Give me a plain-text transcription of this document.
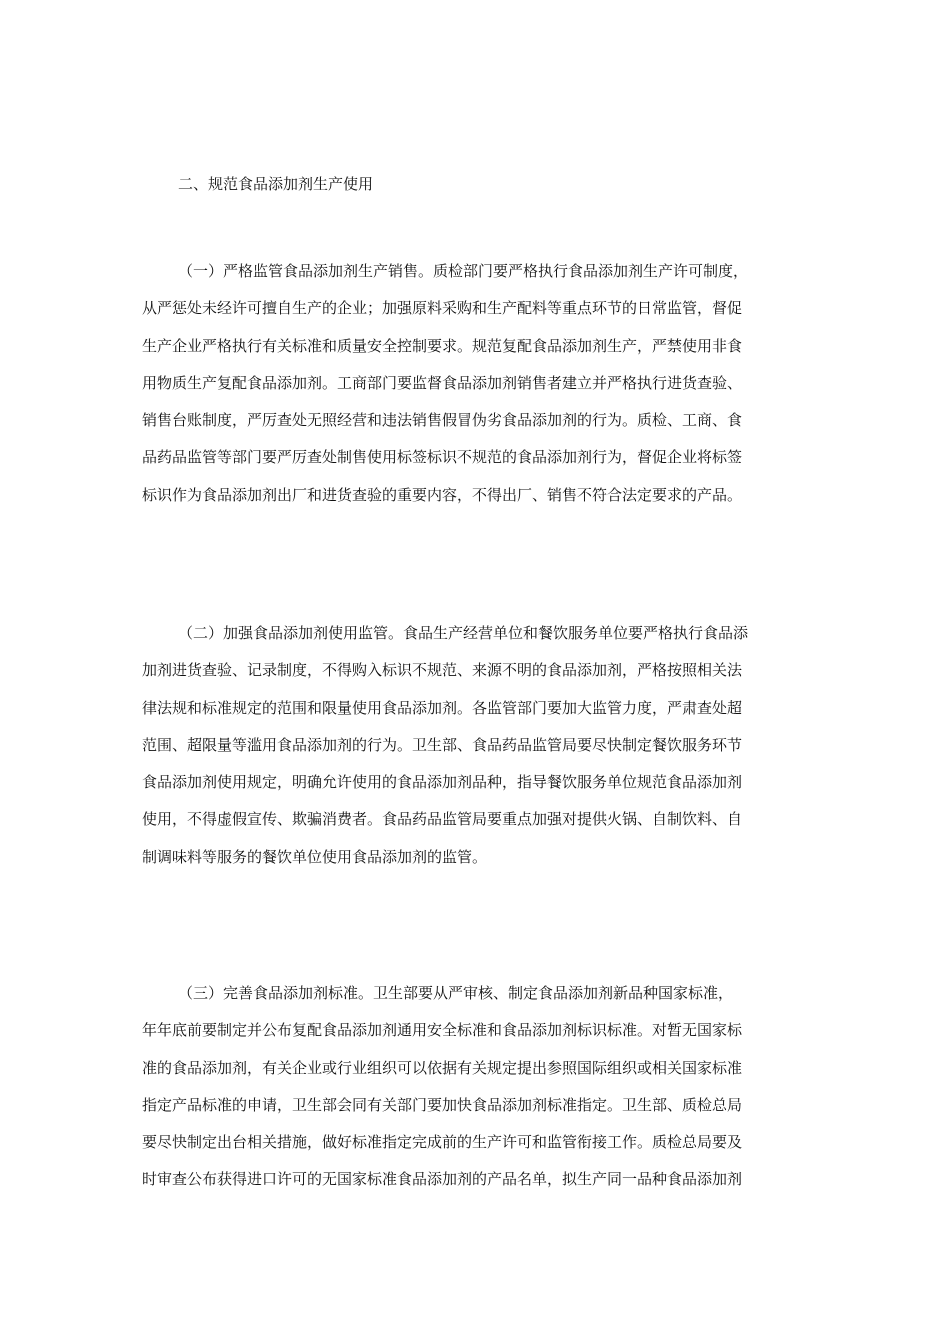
二、规范食品添加剂生产使用
（一）严格监管食品添加剂生产销售。质检部门要严格执行食品添加剂生产许可制度，
从严惩处未经许可擅自生产的企业；加强原料采购和生产配料等重点环节的日常监管，督促
生产企业严格执行有关标准和质量安全控制要求。规范复配食品添加剂生产，严禁使用非食
用物质生产复配食品添加剂。工商部门要监督食品添加剂销售者建立并严格执行进货查验、
销售台账制度，严厉查处无照经营和违法销售假冒伪劣食品添加剂的行为。质检、工商、食
品药品监管等部门要严厉查处制售使用标签标识不规范的食品添加剂行为，督促企业将标签
标识作为食品添加剂出厂和进货查验的重要内容，不得出厂、销售不符合法定要求的产品。
（二）加强食品添加剂使用监管。食品生产经营单位和餐饮服务单位要严格执行食品添
加剂进货查验、记录制度，不得购入标识不规范、来源不明的食品添加剂，严格按照相关法
律法规和标准规定的范围和限量使用食品添加剂。各监管部门要加大监管力度，严肃查处超
范围、超限量等滥用食品添加剂的行为。卫生部、食品药品监管局要尽快制定餐饮服务环节
食品添加剂使用规定，明确允许使用的食品添加剂品种，指导餐饮服务单位规范食品添加剂
使用，不得虚假宣传、欺骗消费者。食品药品监管局要重点加强对提供火锅、自制饮料、自
制调味料等服务的餐饮单位使用食品添加剂的监管。
（三）完善食品添加剂标准。卫生部要从严审核、制定食品添加剂新品种国家标准，
年年底前要制定并公布复配食品添加剂通用安全标准和食品添加剂标识标准。对暂无国家标
准的食品添加剂，有关企业或行业组织可以依据有关规定提出参照国际组织或相关国家标准
指定产品标准的申请，卫生部会同有关部门要加快食品添加剂标准指定。卫生部、质检总局
要尽快制定出台相关措施，做好标准指定完成前的生产许可和监管衔接工作。质检总局要及
时审查公布获得进口许可的无国家标准食品添加剂的产品名单，拟生产同一品种食品添加剂
